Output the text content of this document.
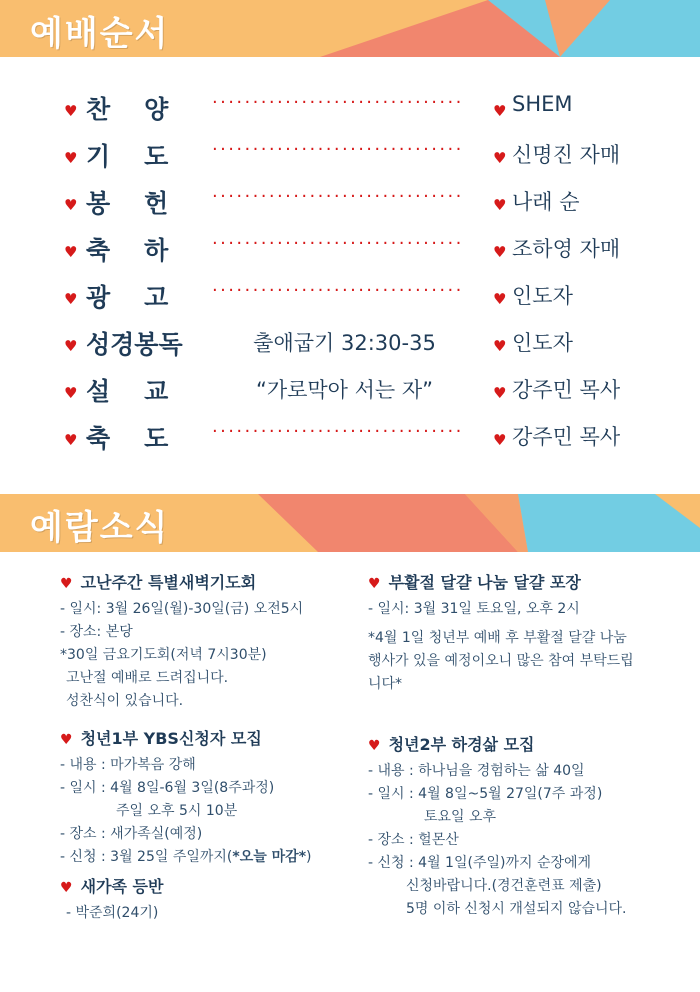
예배순서
♥ 찬양 ·······························	♥ SHEM
♥ 기도 ·······························	♥ 신명진 자매
♥ 봉헌 ·······························	♥ 나래 순
♥ 축하 ·······························	♥ 조하영 자매
♥ 광고 ·······························	♥ 인도자
♥ 성경봉독	출애굽기 32:30-35	♥ 인도자
♥ 설교	“가로막아 서는 자”	♥ 강주민 목사
♥ 축도 ·······························	♥ 강주민 목사
예람소식
♥ 고난주간 특별새벽기도회
- 일시: 3월 26일(월)-30일(금) 오전5시
- 장소: 본당
*30일 금요기도회(저녁 7시30분)
고난절 예배로 드려집니다.
성찬식이 있습니다.
♥ 청년1부 YBS신청자 모집
- 내용 : 마가복음 강해
- 일시 : 4월 8일-6월 3일(8주과정)
주일 오후 5시 10분
- 장소 : 새가족실(예정)
- 신청 : 3월 25일 주일까지(*오늘 마감*)
♥ 새가족 등반
- 박준희(24기)
♥ 부활절 달걀 나눔 달걀 포장
- 일시: 3월 31일 토요일, 오후 2시
*4월 1일 청년부 예배 후 부활절 달걀 나눔 행사가 있을 예정이오니 많은 참여 부탁드립니다*
♥ 청년2부 하경삶 모집
- 내용 : 하나님을 경험하는 삶 40일
- 일시 : 4월 8일~5월 27일(7주 과정)
토요일 오후
- 장소 : 헐몬산
- 신청 : 4월 1일(주일)까지 순장에게
신청바랍니다.(경건훈련표 제출)
5명 이하 신청시 개설되지 않습니다.
